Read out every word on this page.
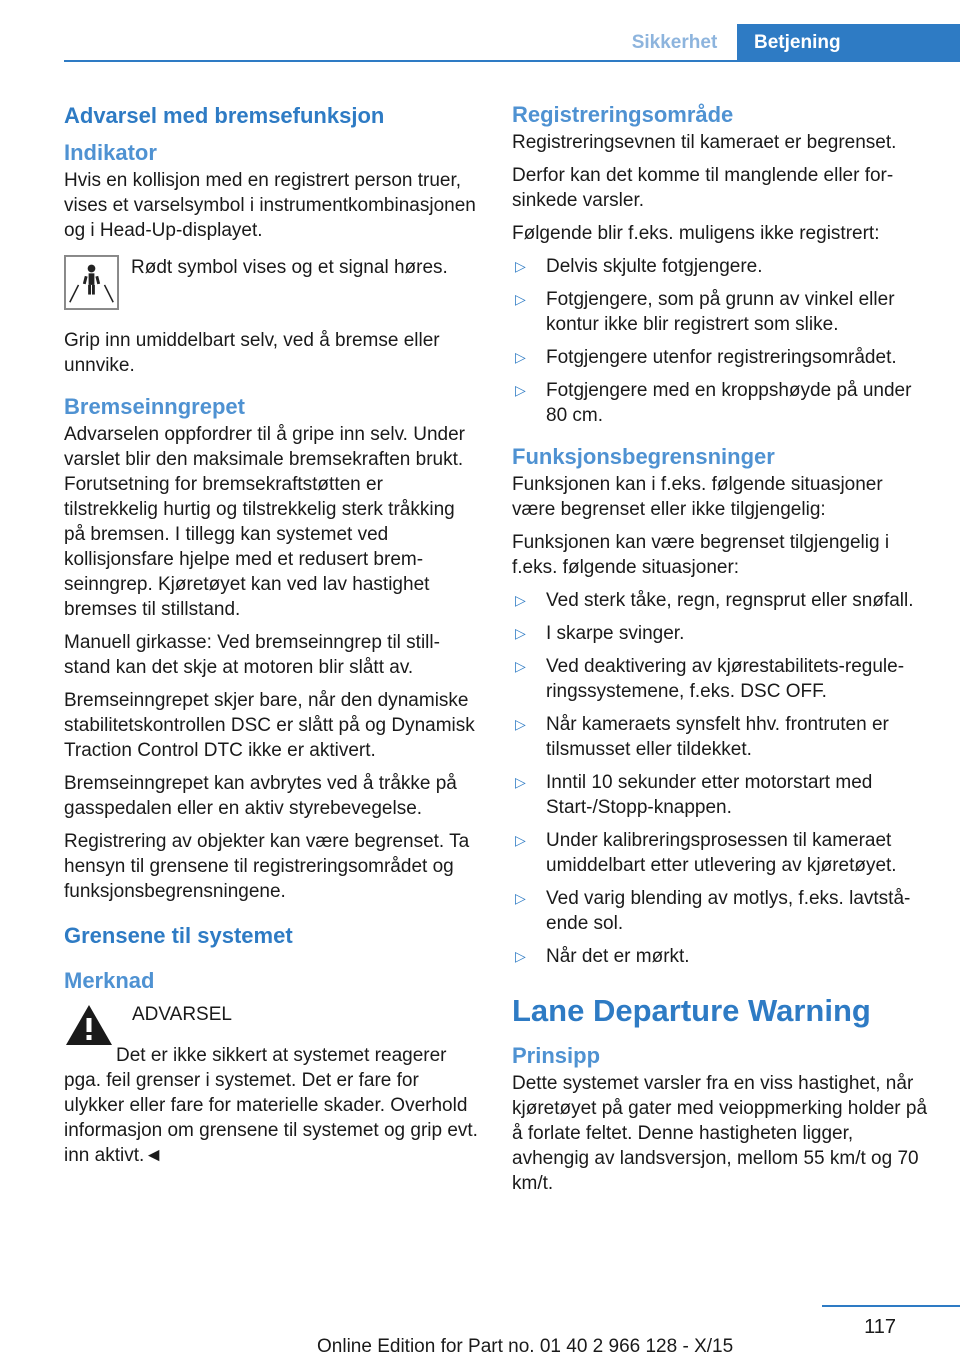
Sikkerhet	Betjening
Advarsel med bremsefunksjon
Indikator

Hvis en kollisjon med en registrert person truer, vises et varselsymbol i instrumentkombinasjonen og i Head-Up-displayet.

Rødt symbol vises og et signal høres.

Grip inn umiddelbart selv, ved å bremse eller unnvike.

Bremseinngrepet

Advarselen oppfordrer til å gripe inn selv. Under varslet blir den maksimale bremsekraften brukt. Forutsetning for bremsekraftstøtten er tilstrekkelig hurtig og tilstrekkelig sterk tråkking på bremsen. I tillegg kan systemet ved kollisjonsfare hjelpe med et redusert bremseinngrep. Kjøretøyet kan ved lav hastighet bremses til stillstand.

Manuell girkasse: Ved bremseinngrep til stillstand kan det skje at motoren blir slått av.

Bremseinngrepet skjer bare, når den dynamiske stabilitetskontrollen DSC er slått på og Dynamisk Traction Control DTC ikke er aktivert.

Bremseinngrepet kan avbrytes ved å tråkke på gasspedalen eller en aktiv styrebevegelse.

Registrering av objekter kan være begrenset. Ta hensyn til grensene til registreringsområdet og funksjonsbegrensningene.

Grensene til systemet
Merknad

ADVARSEL

Det er ikke sikkert at systemet reagerer pga. feil grenser i systemet. Det er fare for ulykker eller fare for materielle skader. Overhold informasjon om grensene til systemet og grip evt. inn aktivt.◄

Registreringsområde

Registreringsevnen til kameraet er begrenset.

Derfor kan det komme til manglende eller forsinkede varsler.

Følgende blir f.eks. muligens ikke registrert:

▷ Delvis skjulte fotgjengere.
▷ Fotgjengere, som på grunn av vinkel eller kontur ikke blir registrert som slike.
▷ Fotgjengere utenfor registreringsområdet.
▷ Fotgjengere med en kroppshøyde på under 80 cm.
Funksjonsbegrensninger

Funksjonen kan i f.eks. følgende situasjoner være begrenset eller ikke tilgjengelig:

Funksjonen kan være begrenset tilgjengelig i f.eks. følgende situasjoner:

▷ Ved sterk tåke, regn, regnsprut eller snøfall.
▷ I skarpe svinger.
▷ Ved deaktivering av kjørestabilitets-reguleringssystemene, f.eks. DSC OFF.
▷ Når kameraets synsfelt hhv. frontruten er tilsmusset eller tildekket.
▷ Inntil 10 sekunder etter motorstart med Start-/Stopp-knappen.
▷ Under kalibreringsprosessen til kameraet umiddelbart etter utlevering av kjøretøyet.
▷ Ved varig blending av motlys, f.eks. lavtstående sol.
▷ Når det er mørkt.
Lane Departure Warning
Prinsipp

Dette systemet varsler fra en viss hastighet, når kjøretøyet på gater med veioppmerking holder på å forlate feltet. Denne hastigheten ligger, avhengig av landsversjon, mellom 55 km/t og 70 km/t.

117
Online Edition for Part no. 01 40 2 966 128 - X/15
